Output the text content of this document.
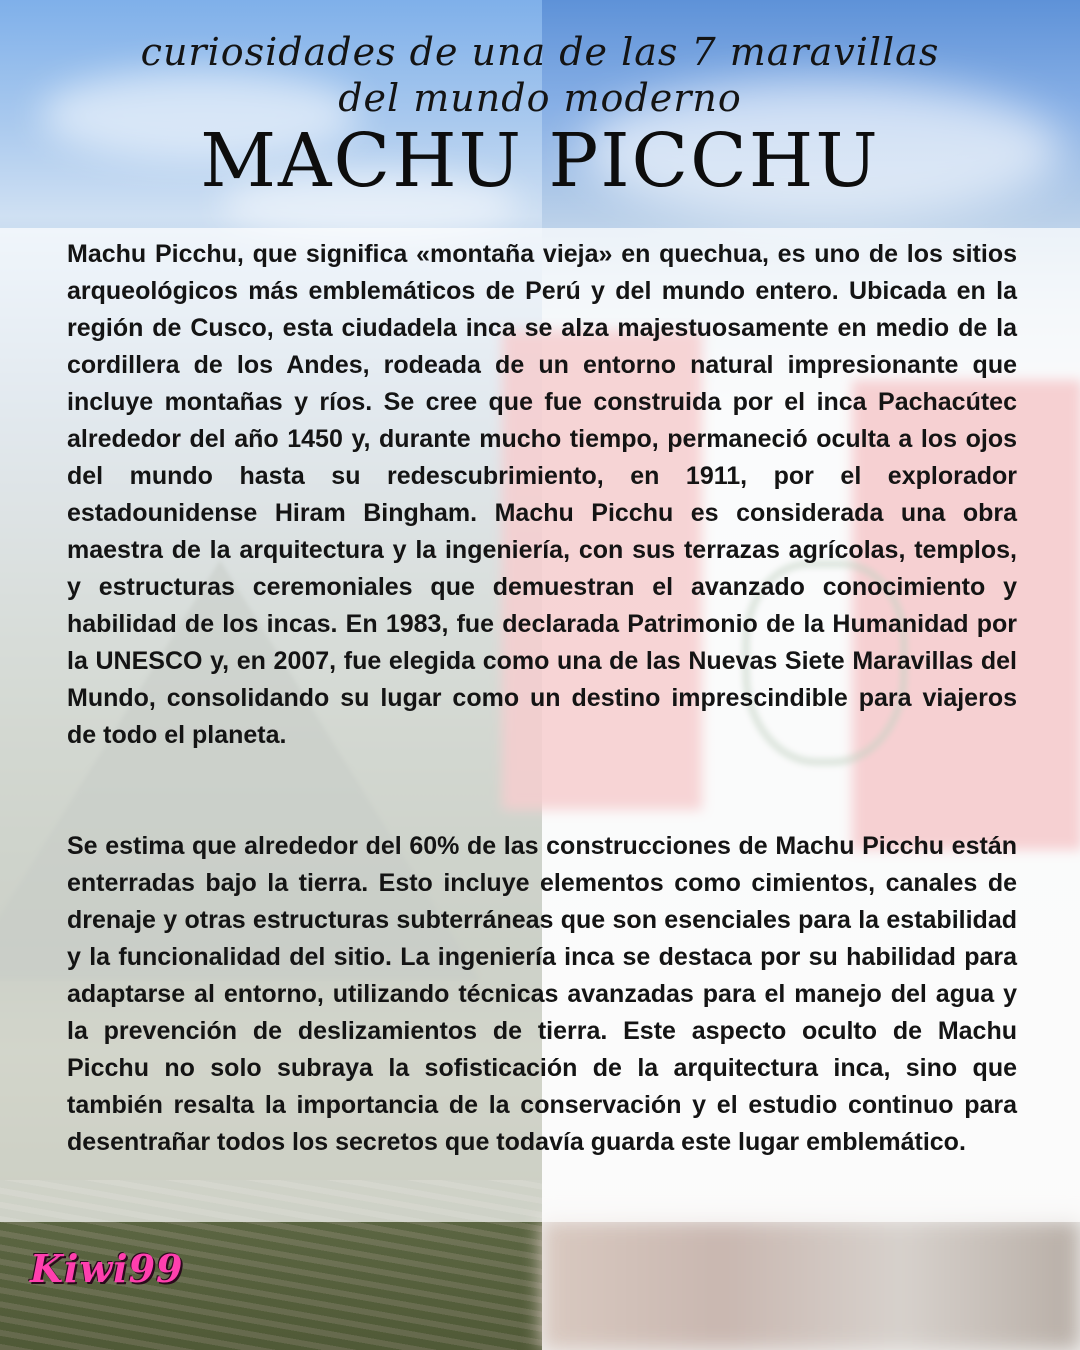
curiosidades de una de las 7 maravillas
del mundo moderno
MACHU PICCHU

Machu Picchu, que significa «montaña vieja» en quechua, es uno de los sitios arqueológicos más emblemáticos de Perú y del mundo entero. Ubicada en la región de Cusco, esta ciudadela inca se alza majestuosamente en medio de la cordillera de los Andes, rodeada de un entorno natural impresionante que incluye montañas y ríos. Se cree que fue construida por el inca Pachacútec alrededor del año 1450 y, durante mucho tiempo, permaneció oculta a los ojos del mundo hasta su redescubrimiento, en 1911, por el explorador estadounidense Hiram Bingham. Machu Picchu es considerada una obra maestra de la arquitectura y la ingeniería, con sus terrazas agrícolas, templos, y estructuras ceremoniales que demuestran el avanzado conocimiento y habilidad de los incas. En 1983, fue declarada Patrimonio de la Humanidad por la UNESCO y, en 2007, fue elegida como una de las Nuevas Siete Maravillas del Mundo, consolidando su lugar como un destino imprescindible para viajeros de todo el planeta.

Se estima que alrededor del 60% de las construcciones de Machu Picchu están enterradas bajo la tierra. Esto incluye elementos como cimientos, canales de drenaje y otras estructuras subterráneas que son esenciales para la estabilidad y la funcionalidad del sitio. La ingeniería inca se destaca por su habilidad para adaptarse al entorno, utilizando técnicas avanzadas para el manejo del agua y la prevención de deslizamientos de tierra. Este aspecto oculto de Machu Picchu no solo subraya la sofisticación de la arquitectura inca, sino que también resalta la importancia de la conservación y el estudio continuo para desentrañar todos los secretos que todavía guarda este lugar emblemático.

Kiwi99
